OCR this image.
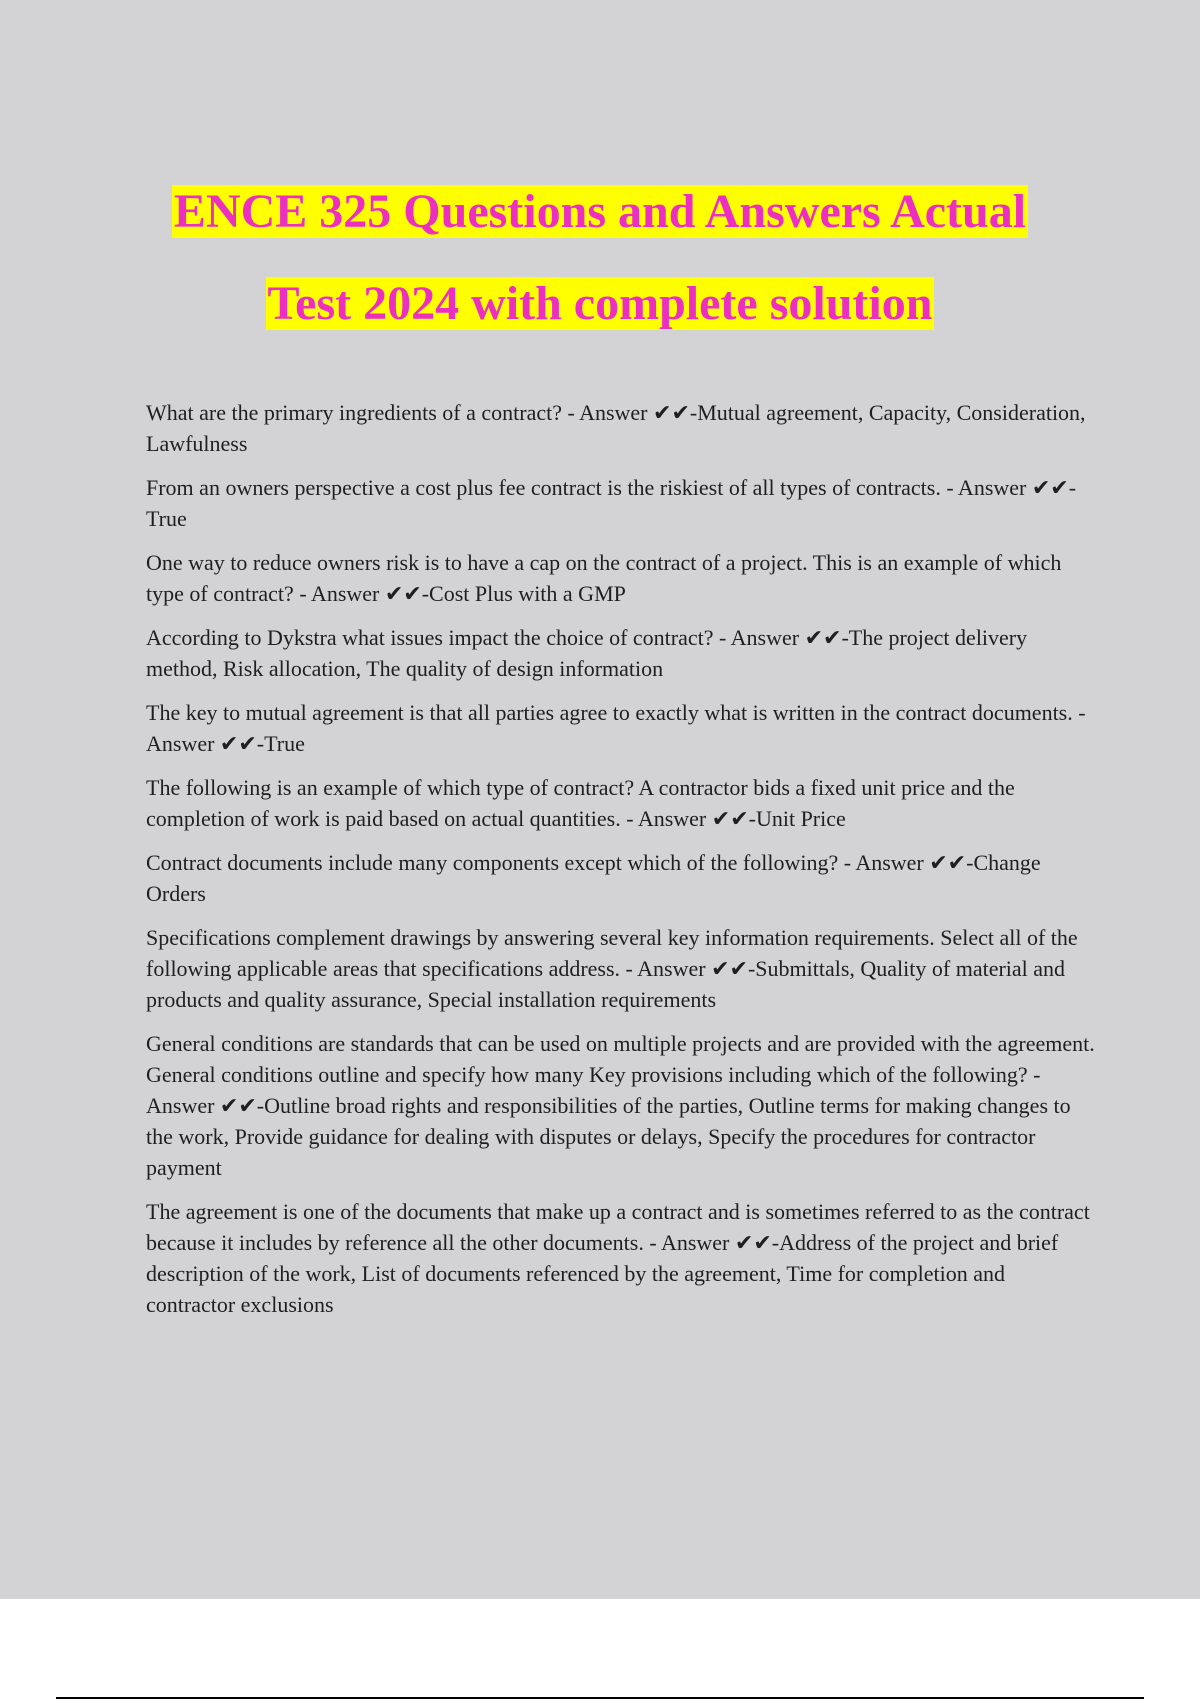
ENCE 325 Questions and Answers Actual
Test 2024 with complete solution

What are the primary ingredients of a contract? - Answer ✔✔-Mutual agreement, Capacity, Consideration, Lawfulness

From an owners perspective a cost plus fee contract is the riskiest of all types of contracts. - Answer ✔✔-True

One way to reduce owners risk is to have a cap on the contract of a project. This is an example of which type of contract? - Answer ✔✔-Cost Plus with a GMP

According to Dykstra what issues impact the choice of contract? - Answer ✔✔-The project delivery method, Risk allocation, The quality of design information

The key to mutual agreement is that all parties agree to exactly what is written in the contract documents. - Answer ✔✔-True

The following is an example of which type of contract? A contractor bids a fixed unit price and the completion of work is paid based on actual quantities. - Answer ✔✔-Unit Price

Contract documents include many components except which of the following? - Answer ✔✔-Change Orders

Specifications complement drawings by answering several key information requirements. Select all of the following applicable areas that specifications address. - Answer ✔✔-Submittals, Quality of material and products and quality assurance, Special installation requirements

General conditions are standards that can be used on multiple projects and are provided with the agreement. General conditions outline and specify how many Key provisions including which of the following? - Answer ✔✔-Outline broad rights and responsibilities of the parties, Outline terms for making changes to the work, Provide guidance for dealing with disputes or delays, Specify the procedures for contractor payment

The agreement is one of the documents that make up a contract and is sometimes referred to as the contract because it includes by reference all the other documents. - Answer ✔✔-Address of the project and brief description of the work, List of documents referenced by the agreement, Time for completion and contractor exclusions
